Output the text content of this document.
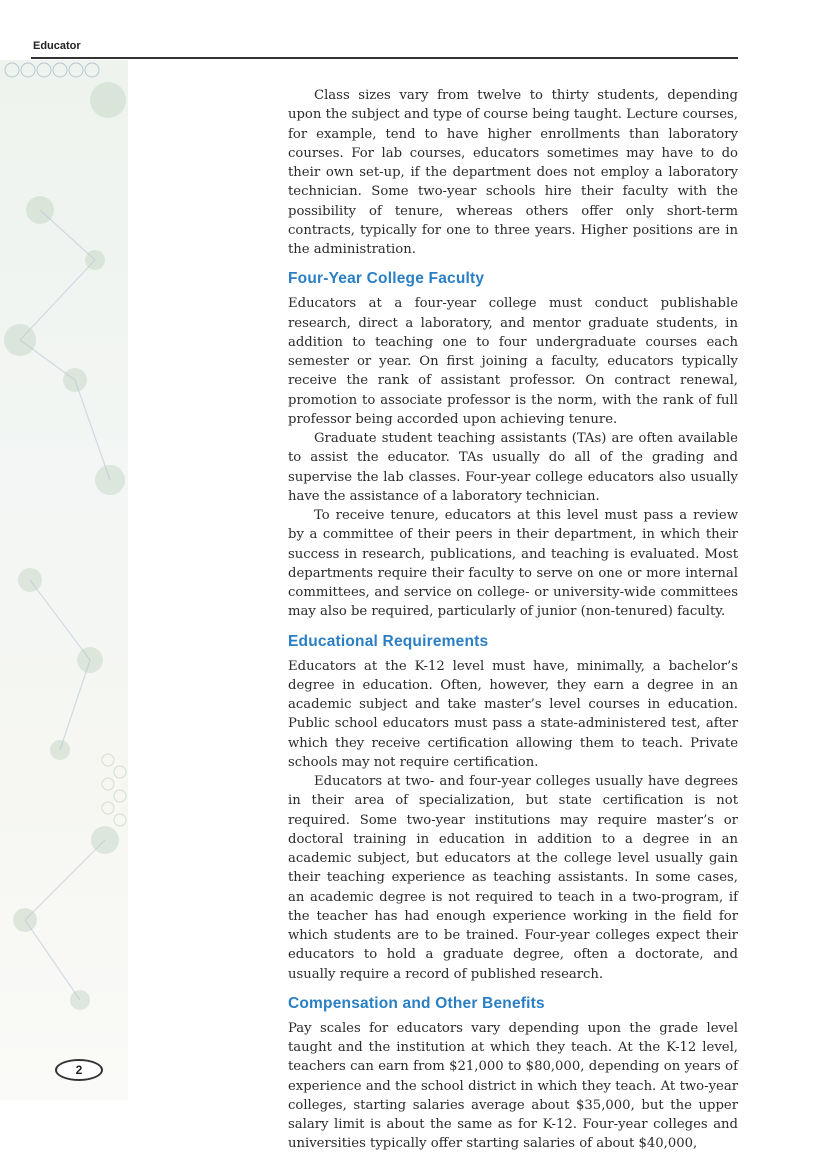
Educator

Class sizes vary from twelve to thirty students, depending upon the subject and type of course being taught. Lecture courses, for example, tend to have higher enrollments than laboratory courses. For lab courses, educators sometimes may have to do their own set-up, if the department does not employ a laboratory technician. Some two-year schools hire their faculty with the possibility of tenure, whereas others offer only short-term contracts, typically for one to three years. Higher positions are in the administration.

Four-Year College Faculty

Educators at a four-year college must conduct publishable research, direct a laboratory, and mentor graduate students, in addition to teaching one to four undergraduate courses each semester or year. On first joining a faculty, educators typically receive the rank of assistant professor. On contract renewal, promotion to associate professor is the norm, with the rank of full professor being accorded upon achieving tenure.

Graduate student teaching assistants (TAs) are often available to assist the educator. TAs usually do all of the grading and supervise the lab classes. Four-year college educators also usually have the assistance of a laboratory technician.

To receive tenure, educators at this level must pass a review by a committee of their peers in their department, in which their success in research, publications, and teaching is evaluated. Most departments require their faculty to serve on one or more internal committees, and service on college- or university-wide committees may also be required, particularly of junior (non-tenured) faculty.

Educational Requirements

Educators at the K-12 level must have, minimally, a bachelor’s degree in education. Often, however, they earn a degree in an academic subject and take master’s level courses in education. Public school educators must pass a state-administered test, after which they receive certification allowing them to teach. Private schools may not require certification.

Educators at two- and four-year colleges usually have degrees in their area of specialization, but state certification is not required. Some two-year institutions may require master’s or doctoral training in education in addition to a degree in an academic subject, but educators at the college level usually gain their teaching experience as teaching assistants. In some cases, an academic degree is not required to teach in a two-program, if the teacher has had enough experience working in the field for which students are to be trained. Four-year colleges expect their educators to hold a graduate degree, often a doctorate, and usually require a record of published research.

Compensation and Other Benefits

Pay scales for educators vary depending upon the grade level taught and the institution at which they teach. At the K-12 level, teachers can earn from $21,000 to $80,000, depending on years of experience and the school district in which they teach. At two-year colleges, starting salaries average about $35,000, but the upper salary limit is about the same as for K-12. Four-year colleges and universities typically offer starting salaries of about $40,000,

2
